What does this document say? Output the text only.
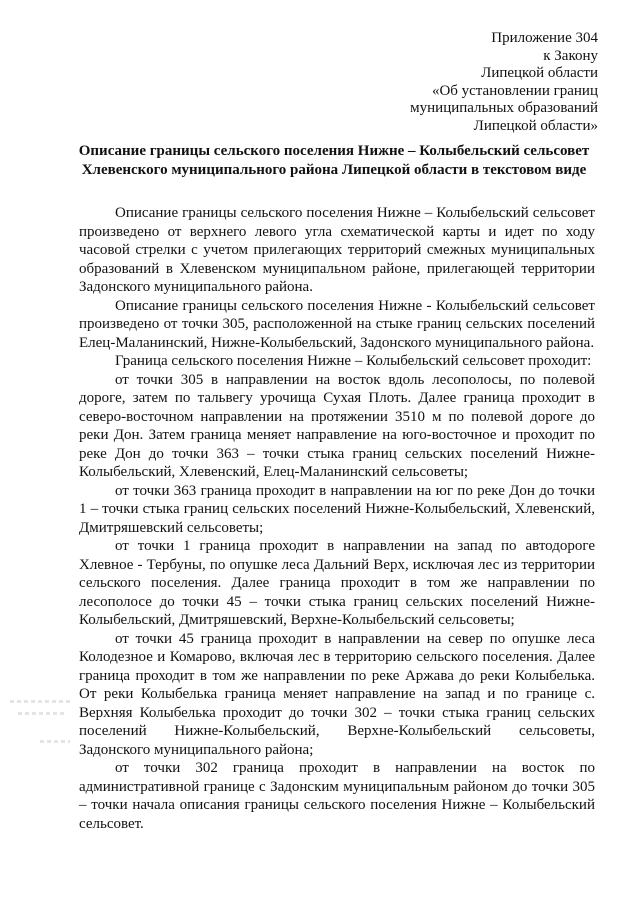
Приложение 304
к Закону
Липецкой области
«Об установлении границ
муниципальных образований
Липецкой области»
Описание границы сельского поселения Нижне – Колыбельский сельсовет
Хлевенского муниципального района Липецкой области в текстовом виде

Описание границы сельского поселения Нижне – Колыбельский сельсовет произведено от верхнего левого угла схематической карты и идет по ходу часовой стрелки с учетом прилегающих территорий смежных муниципальных образований в Хлевенском муниципальном районе, прилегающей территории Задонского муниципального района.

Описание границы сельского поселения Нижне - Колыбельский сельсовет произведено от точки 305, расположенной на стыке границ сельских поселений Елец-Маланинский, Нижне-Колыбельский, Задонского муниципального района.

Граница сельского поселения Нижне – Колыбельский сельсовет проходит:

от точки 305 в направлении на восток вдоль лесополосы, по полевой дороге, затем по тальвегу урочища Сухая Плоть. Далее граница проходит в северо-восточном направлении на протяжении 3510 м по полевой дороге до реки Дон. Затем граница меняет направление на юго-восточное и проходит по реке Дон до точки 363 – точки стыка границ сельских поселений Нижне-Колыбельский, Хлевенский, Елец-Маланинский сельсоветы;

от точки 363 граница проходит в направлении на юг по реке Дон до точки 1 – точки стыка границ сельских поселений Нижне-Колыбельский, Хлевенский, Дмитряшевский сельсоветы;

от точки 1 граница проходит в направлении на запад по автодороге Хлевное - Тербуны, по опушке леса Дальний Верх, исключая лес из территории сельского поселения. Далее граница проходит в том же направлении по лесополосе до точки 45 – точки стыка границ сельских поселений Нижне-Колыбельский, Дмитряшевский, Верхне-Колыбельский сельсоветы;

от точки 45 граница проходит в направлении на север по опушке леса Колодезное и Комарово, включая лес в территорию сельского поселения. Далее граница проходит в том же направлении по реке Аржава до реки Колыбелька. От реки Колыбелька граница меняет направление на запад и по границе с. Верхняя Колыбелька проходит до точки 302 – точки стыка границ сельских поселений Нижне-Колыбельский, Верхне-Колыбельский сельсоветы, Задонского муниципального района;

от точки 302 граница проходит в направлении на восток по административной границе с Задонским муниципальным районом до точки 305 – точки начала описания границы сельского поселения Нижне – Колыбельский сельсовет.
